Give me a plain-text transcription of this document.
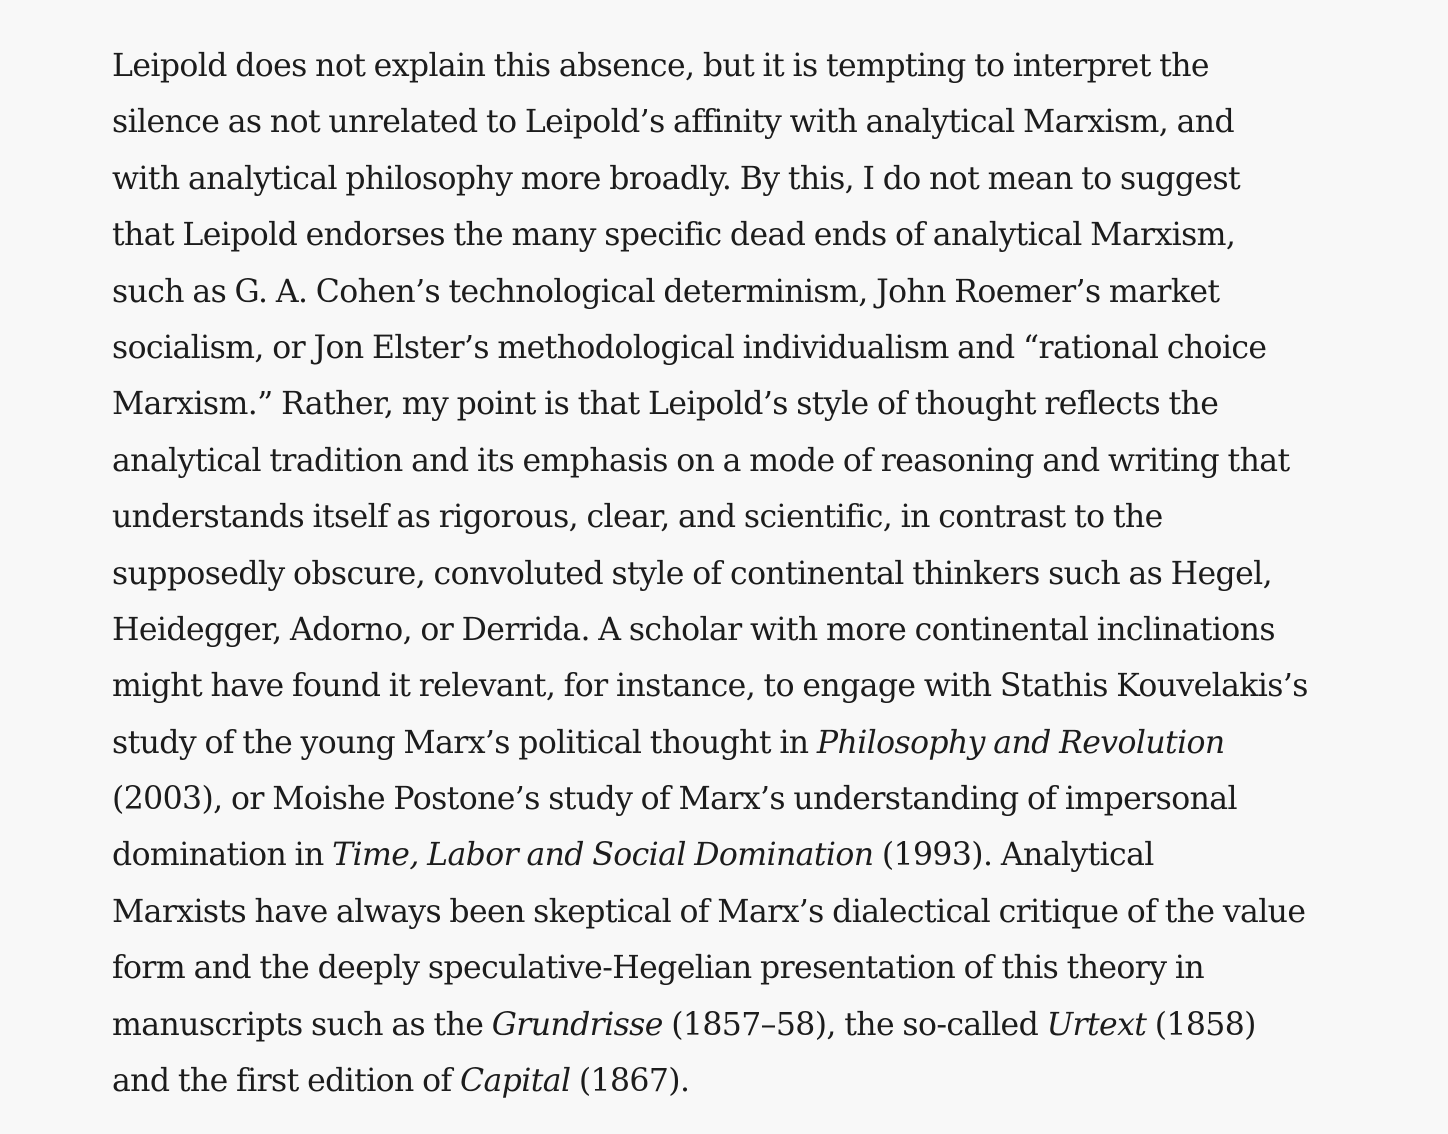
Leipold does not explain this absence, but it is tempting to interpret the
silence as not unrelated to Leipold’s affinity with analytical Marxism, and
with analytical philosophy more broadly. By this, I do not mean to suggest
that Leipold endorses the many specific dead ends of analytical Marxism,
such as G. A. Cohen’s technological determinism, John Roemer’s market
socialism, or Jon Elster’s methodological individualism and “rational choice
Marxism.” Rather, my point is that Leipold’s style of thought reflects the
analytical tradition and its emphasis on a mode of reasoning and writing that
understands itself as rigorous, clear, and scientific, in contrast to the
supposedly obscure, convoluted style of continental thinkers such as Hegel,
Heidegger, Adorno, or Derrida. A scholar with more continental inclinations
might have found it relevant, for instance, to engage with Stathis Kouvelakis’s
study of the young Marx’s political thought in Philosophy and Revolution
(2003), or Moishe Postone’s study of Marx’s understanding of impersonal
domination in Time, Labor and Social Domination (1993). Analytical
Marxists have always been skeptical of Marx’s dialectical critique of the value
form and the deeply speculative-Hegelian presentation of this theory in
manuscripts such as the Grundrisse (1857–58), the so-called Urtext (1858)
and the first edition of Capital (1867).
